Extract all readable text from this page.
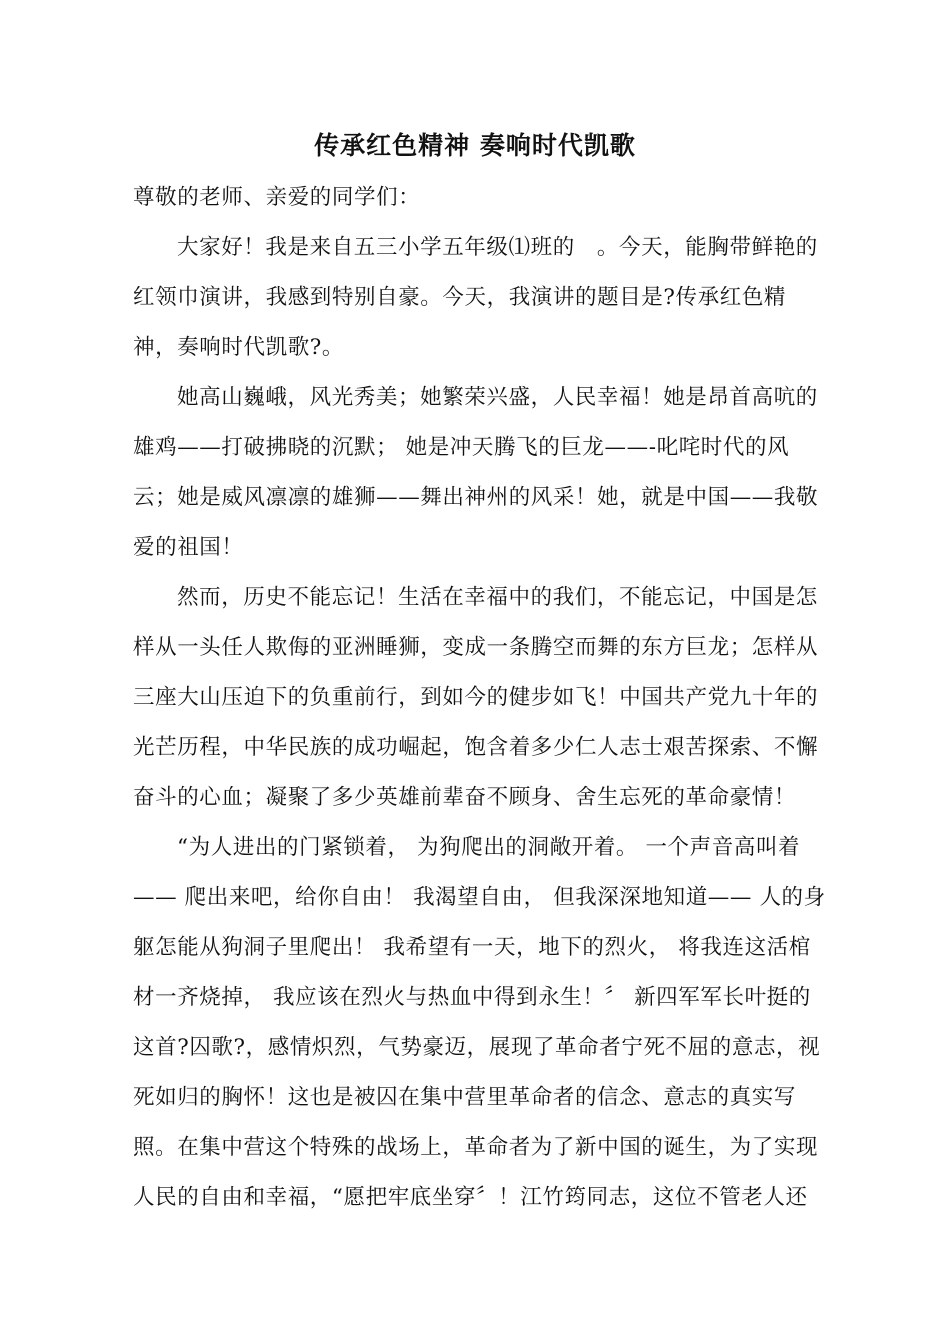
传承红色精神 奏响时代凯歌
尊敬的老师、亲爱的同学们：
大家好！我是来自五三小学五年级⑴班的　。今天，能胸带鲜艳的
红领巾演讲，我感到特别自豪。今天，我演讲的题目是?传承红色精
神，奏响时代凯歌?。
她高山巍峨，风光秀美；她繁荣兴盛，人民幸福！她是昂首高吭的
雄鸡——打破拂晓的沉默； 她是冲天腾飞的巨龙——-叱咤时代的风
云；她是威风凛凛的雄狮——舞出神州的风采！她，就是中国——我敬
爱的祖国！
然而，历史不能忘记！生活在幸福中的我们，不能忘记，中国是怎
样从一头任人欺侮的亚洲睡狮，变成一条腾空而舞的东方巨龙；怎样从
三座大山压迫下的负重前行，到如今的健步如飞！中国共产党九十年的
光芒历程，中华民族的成功崛起，饱含着多少仁人志士艰苦探索、不懈
奋斗的心血；凝聚了多少英雄前辈奋不顾身、舍生忘死的革命豪情！
“为人进出的门紧锁着， 为狗爬出的洞敞开着。 一个声音高叫着
—— 爬出来吧，给你自由！ 我渴望自由， 但我深深地知道—— 人的身
躯怎能从狗洞子里爬出！ 我希望有一天，地下的烈火， 将我连这活棺
材一齐烧掉， 我应该在烈火与热血中得到永生！〞 新四军军长叶挺的
这首?囚歌?，感情炽烈，气势豪迈，展现了革命者宁死不屈的意志，视
死如归的胸怀！这也是被囚在集中营里革命者的信念、意志的真实写
照。在集中营这个特殊的战场上，革命者为了新中国的诞生，为了实现
人民的自由和幸福，“愿把牢底坐穿〞！江竹筠同志，这位不管老人还
